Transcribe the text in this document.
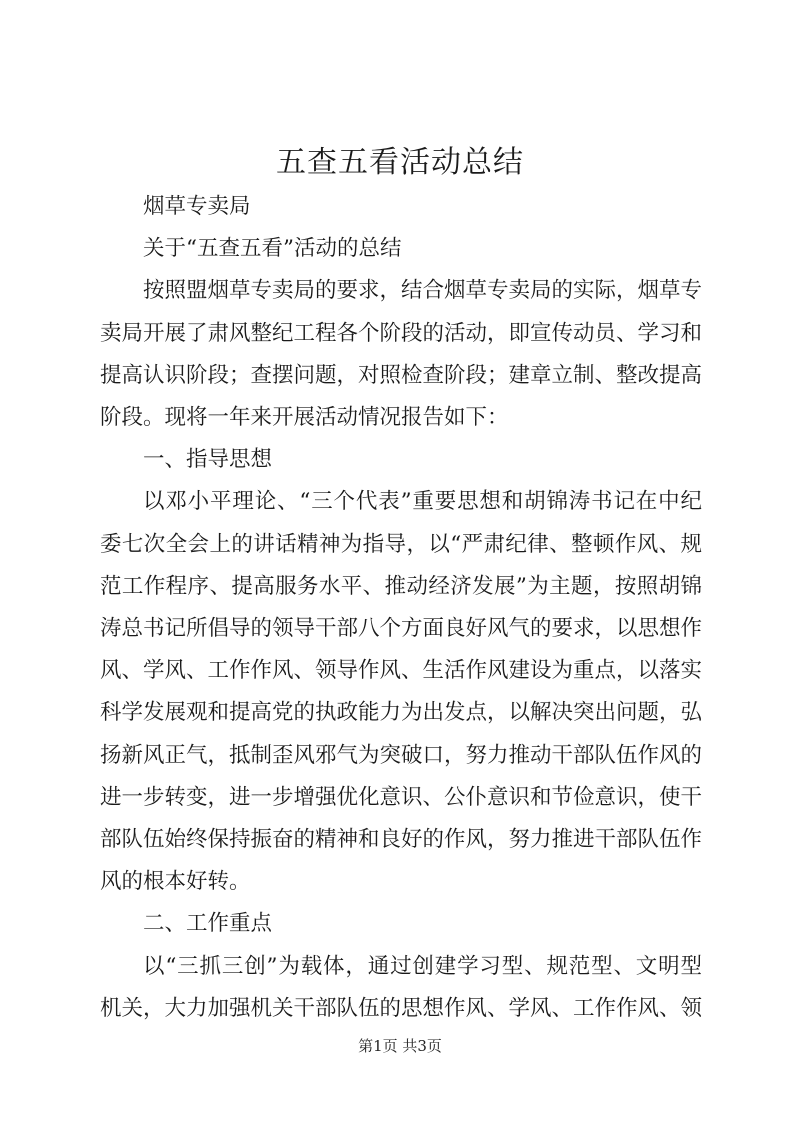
五查五看活动总结

烟草专卖局

关于“五查五看”活动的总结

按照盟烟草专卖局的要求，结合烟草专卖局的实际，烟草专卖局开展了肃风整纪工程各个阶段的活动，即宣传动员、学习和提高认识阶段；查摆问题，对照检查阶段；建章立制、整改提高阶段。现将一年来开展活动情况报告如下：

一、指导思想

以邓小平理论、“三个代表”重要思想和胡锦涛书记在中纪委七次全会上的讲话精神为指导，以“严肃纪律、整顿作风、规范工作程序、提高服务水平、推动经济发展”为主题，按照胡锦涛总书记所倡导的领导干部八个方面良好风气的要求，以思想作风、学风、工作作风、领导作风、生活作风建设为重点，以落实科学发展观和提高党的执政能力为出发点，以解决突出问题，弘扬新风正气，抵制歪风邪气为突破口，努力推动干部队伍作风的进一步转变，进一步增强优化意识、公仆意识和节俭意识，使干部队伍始终保持振奋的精神和良好的作风，努力推进干部队伍作风的根本好转。

二、工作重点

以“三抓三创”为载体，通过创建学习型、规范型、文明型机关，大力加强机关干部队伍的思想作风、学风、工作作风、领

第1页 共3页
